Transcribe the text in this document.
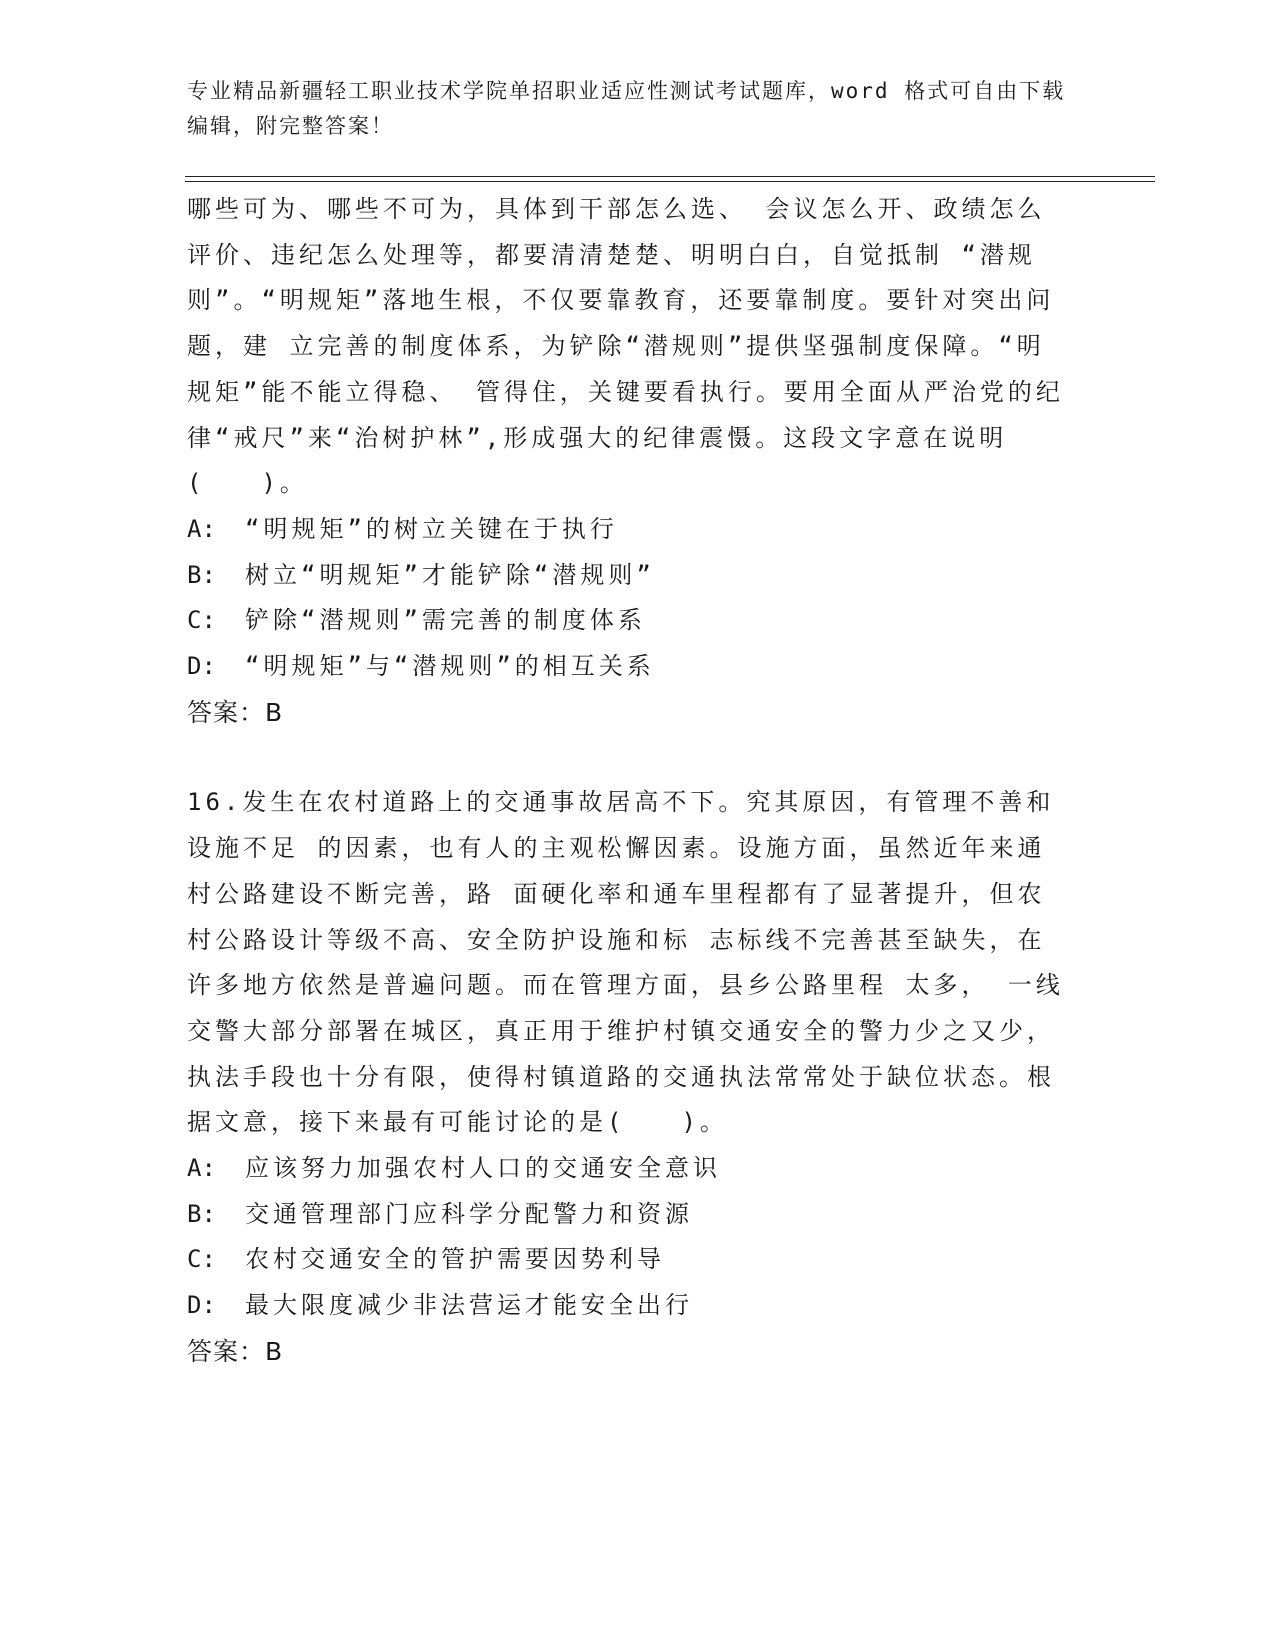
专业精品新疆轻工职业技术学院单招职业适应性测试考试题库，word 格式可自由下载编辑，附完整答案！

哪些可为、哪些不可为，具体到干部怎么选、 会议怎么开、政绩怎么评价、违纪怎么处理等，都要清清楚楚、明明白白，自觉抵制 “潜规则”。“明规矩”落地生根，不仅要靠教育，还要靠制度。要针对突出问题，建 立完善的制度体系，为铲除“潜规则”提供坚强制度保障。“明规矩”能不能立得稳、 管得住，关键要看执行。要用全面从严治党的纪律“戒尺”来“治树护林”,形成强大的纪律震慑。这段文字意在说明(　　)。

A: “明规矩”的树立关键在于执行

B: 树立“明规矩”才能铲除“潜规则”

C: 铲除“潜规则”需完善的制度体系

D: “明规矩”与“潜规则”的相互关系

答案：B

16.发生在农村道路上的交通事故居高不下。究其原因，有管理不善和设施不足 的因素，也有人的主观松懈因素。设施方面，虽然近年来通村公路建设不断完善，路 面硬化率和通车里程都有了显著提升，但农村公路设计等级不高、安全防护设施和标 志标线不完善甚至缺失，在许多地方依然是普遍问题。而在管理方面，县乡公路里程 太多， 一线交警大部分部署在城区，真正用于维护村镇交通安全的警力少之又少，执法手段也十分有限，使得村镇道路的交通执法常常处于缺位状态。根据文意，接下来最有可能讨论的是(　　)。

A: 应该努力加强农村人口的交通安全意识

B: 交通管理部门应科学分配警力和资源

C: 农村交通安全的管护需要因势利导

D: 最大限度减少非法营运才能安全出行

答案：B
